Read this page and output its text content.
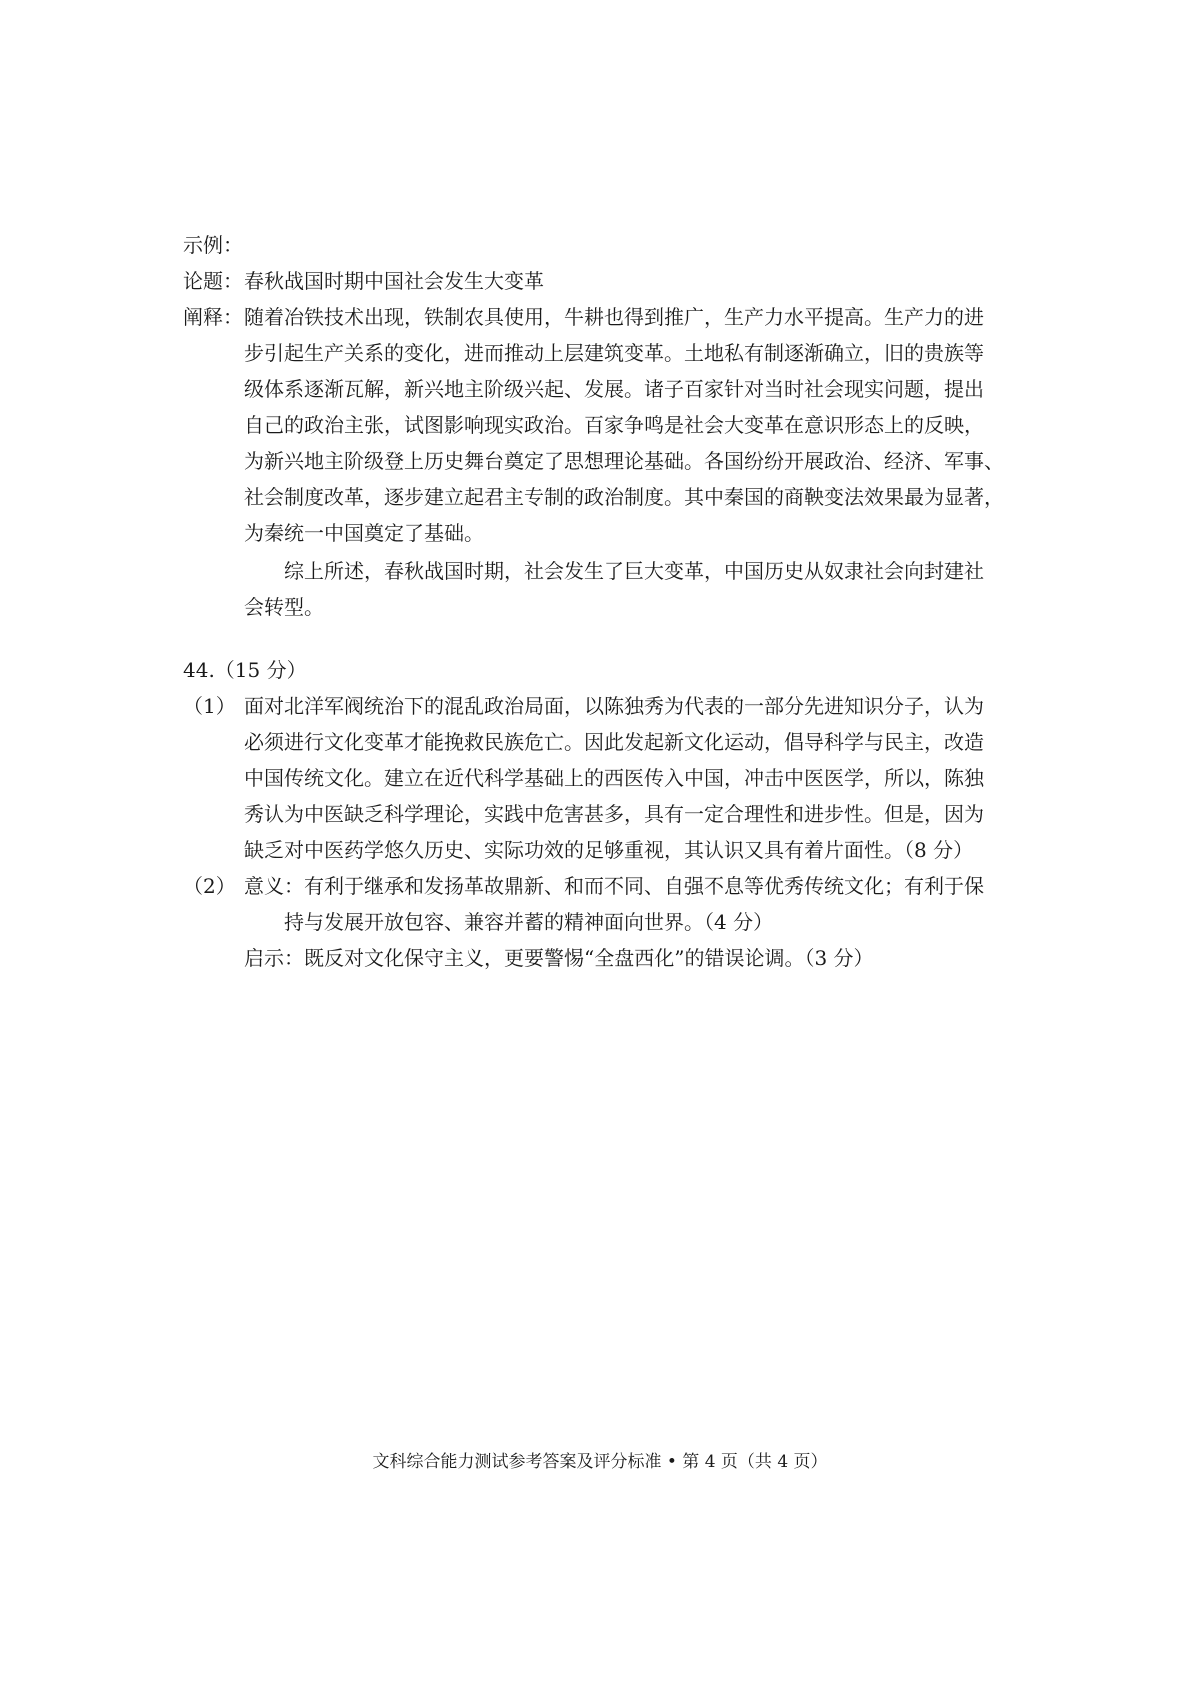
示例：
论题： 春秋战国时期中国社会发生大变革
阐释： 随着冶铁技术出现，铁制农具使用，牛耕也得到推广，生产力水平提高。生产力的进
步引起生产关系的变化，进而推动上层建筑变革。土地私有制逐渐确立，旧的贵族等
级体系逐渐瓦解，新兴地主阶级兴起、发展。诸子百家针对当时社会现实问题，提出
自己的政治主张，试图影响现实政治。百家争鸣是社会大变革在意识形态上的反映，
为新兴地主阶级登上历史舞台奠定了思想理论基础。各国纷纷开展政治、经济、军事、
社会制度改革，逐步建立起君主专制的政治制度。其中秦国的商鞅变法效果最为显著，
为秦统一中国奠定了基础。
综上所述，春秋战国时期，社会发生了巨大变革，中国历史从奴隶社会向封建社
会转型。
44.（15 分）
（1） 面对北洋军阀统治下的混乱政治局面，以陈独秀为代表的一部分先进知识分子，认为
必须进行文化变革才能挽救民族危亡。因此发起新文化运动，倡导科学与民主，改造
中国传统文化。建立在近代科学基础上的西医传入中国，冲击中医医学，所以，陈独
秀认为中医缺乏科学理论，实践中危害甚多，具有一定合理性和进步性。但是，因为
缺乏对中医药学悠久历史、实际功效的足够重视，其认识又具有着片面性。（8 分）
（2） 意义： 有利于继承和发扬革故鼎新、和而不同、自强不息等优秀传统文化；有利于保
持与发展开放包容、兼容并蓄的精神面向世界。（4 分）
启示： 既反对文化保守主义，更要警惕“全盘西化”的错误论调。（3 分）
文科综合能力测试参考答案及评分标准 • 第 4 页（共 4 页）
